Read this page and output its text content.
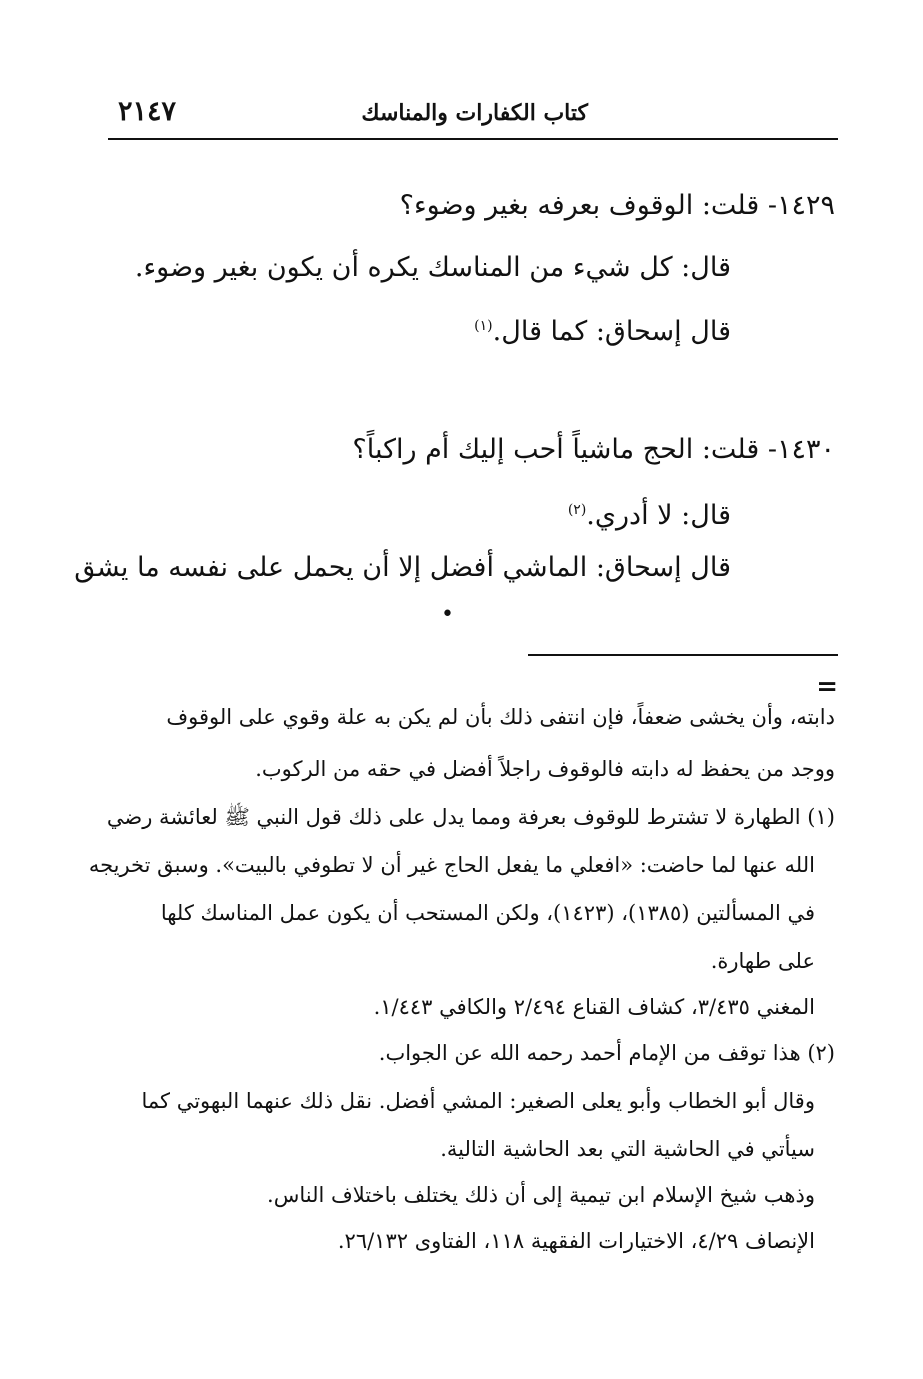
٢١٤٧	كتاب الكفارات والمناسك
١٤٢٩- قلت: الوقوف بعرفه بغير وضوء؟
قال: كل شيء من المناسك يكره أن يكون بغير وضوء.
قال إسحاق: كما قال.$^{(١)}$
١٤٣٠- قلت: الحج ماشياً أحب إليك أم راكباً؟
قال: لا أدري.$^{(٢)}$
قال إسحاق: الماشي أفضل إلا أن يحمل على نفسه ما يشق
•
=
دابته، وأن يخشى ضعفاً، فإن انتفى ذلك بأن لم يكن به علة وقوي على الوقوف
ووجد من يحفظ له دابته فالوقوف راجلاً أفضل في حقه من الركوب.
(١) الطهارة لا تشترط للوقوف بعرفة ومما يدل على ذلك قول النبي ﷺ لعائشة رضي
الله عنها لما حاضت: «افعلي ما يفعل الحاج غير أن لا تطوفي بالبيت». وسبق تخريجه
في المسألتين (١٣٨٥)، (١٤٢٣)، ولكن المستحب أن يكون عمل المناسك كلها
على طهارة.
المغني ٣/٤٣٥، كشاف القناع ٢/٤٩٤ والكافي ١/٤٤٣.
(٢) هذا توقف من الإمام أحمد رحمه الله عن الجواب.
وقال أبو الخطاب وأبو يعلى الصغير: المشي أفضل. نقل ذلك عنهما البهوتي كما
سيأتي في الحاشية التي بعد الحاشية التالية.
وذهب شيخ الإسلام ابن تيمية إلى أن ذلك يختلف باختلاف الناس.
الإنصاف ٤/٢٩، الاختيارات الفقهية ١١٨، الفتاوى ٢٦/١٣٢.
